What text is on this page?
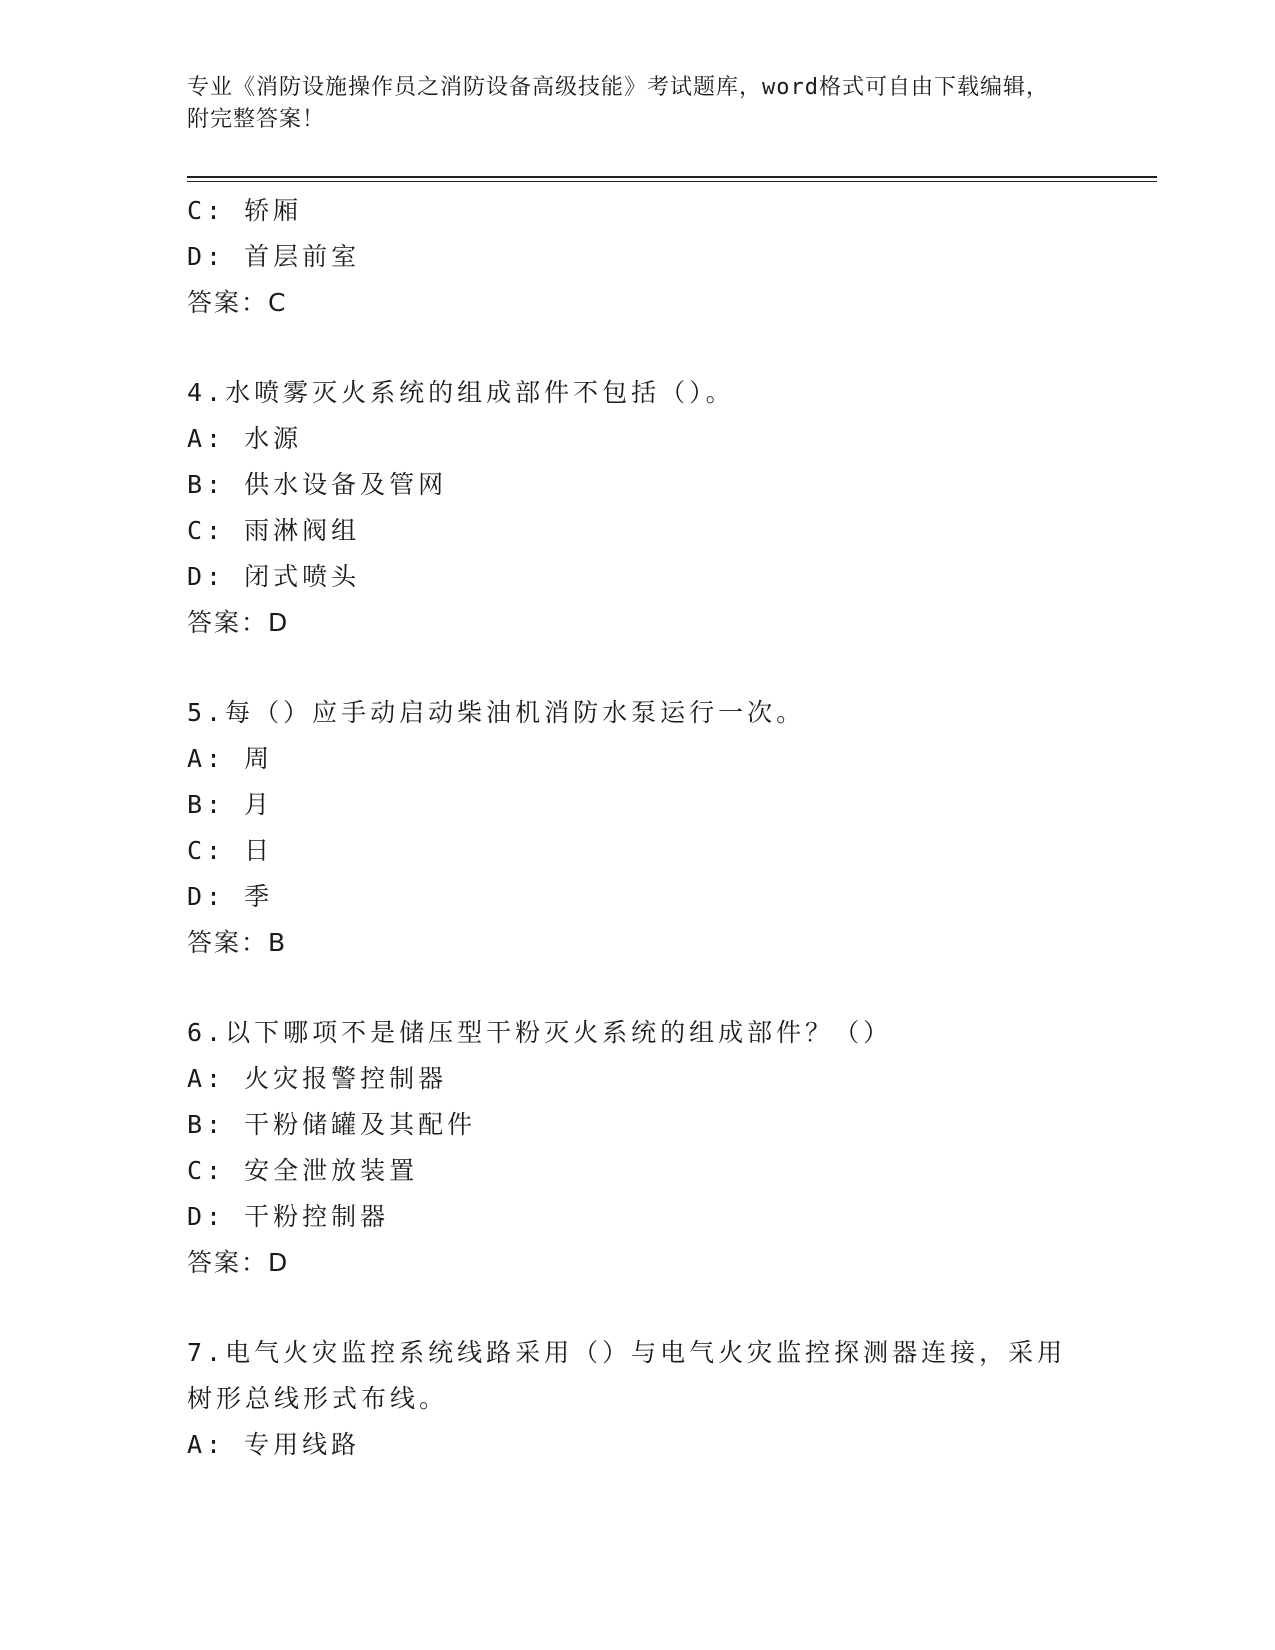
专业《消防设施操作员之消防设备高级技能》考试题库，word格式可自由下载编辑，附完整答案！
C: 轿厢
D: 首层前室
答案：C
4.水喷雾灭火系统的组成部件不包括（）。
A: 水源
B: 供水设备及管网
C: 雨淋阀组
D: 闭式喷头
答案：D
5.每（）应手动启动柴油机消防水泵运行一次。
A: 周
B: 月
C: 日
D: 季
答案：B
6.以下哪项不是储压型干粉灭火系统的组成部件？（）
A: 火灾报警控制器
B: 干粉储罐及其配件
C: 安全泄放装置
D: 干粉控制器
答案：D
7.电气火灾监控系统线路采用（）与电气火灾监控探测器连接，采用树形总线形式布线。
A: 专用线路
